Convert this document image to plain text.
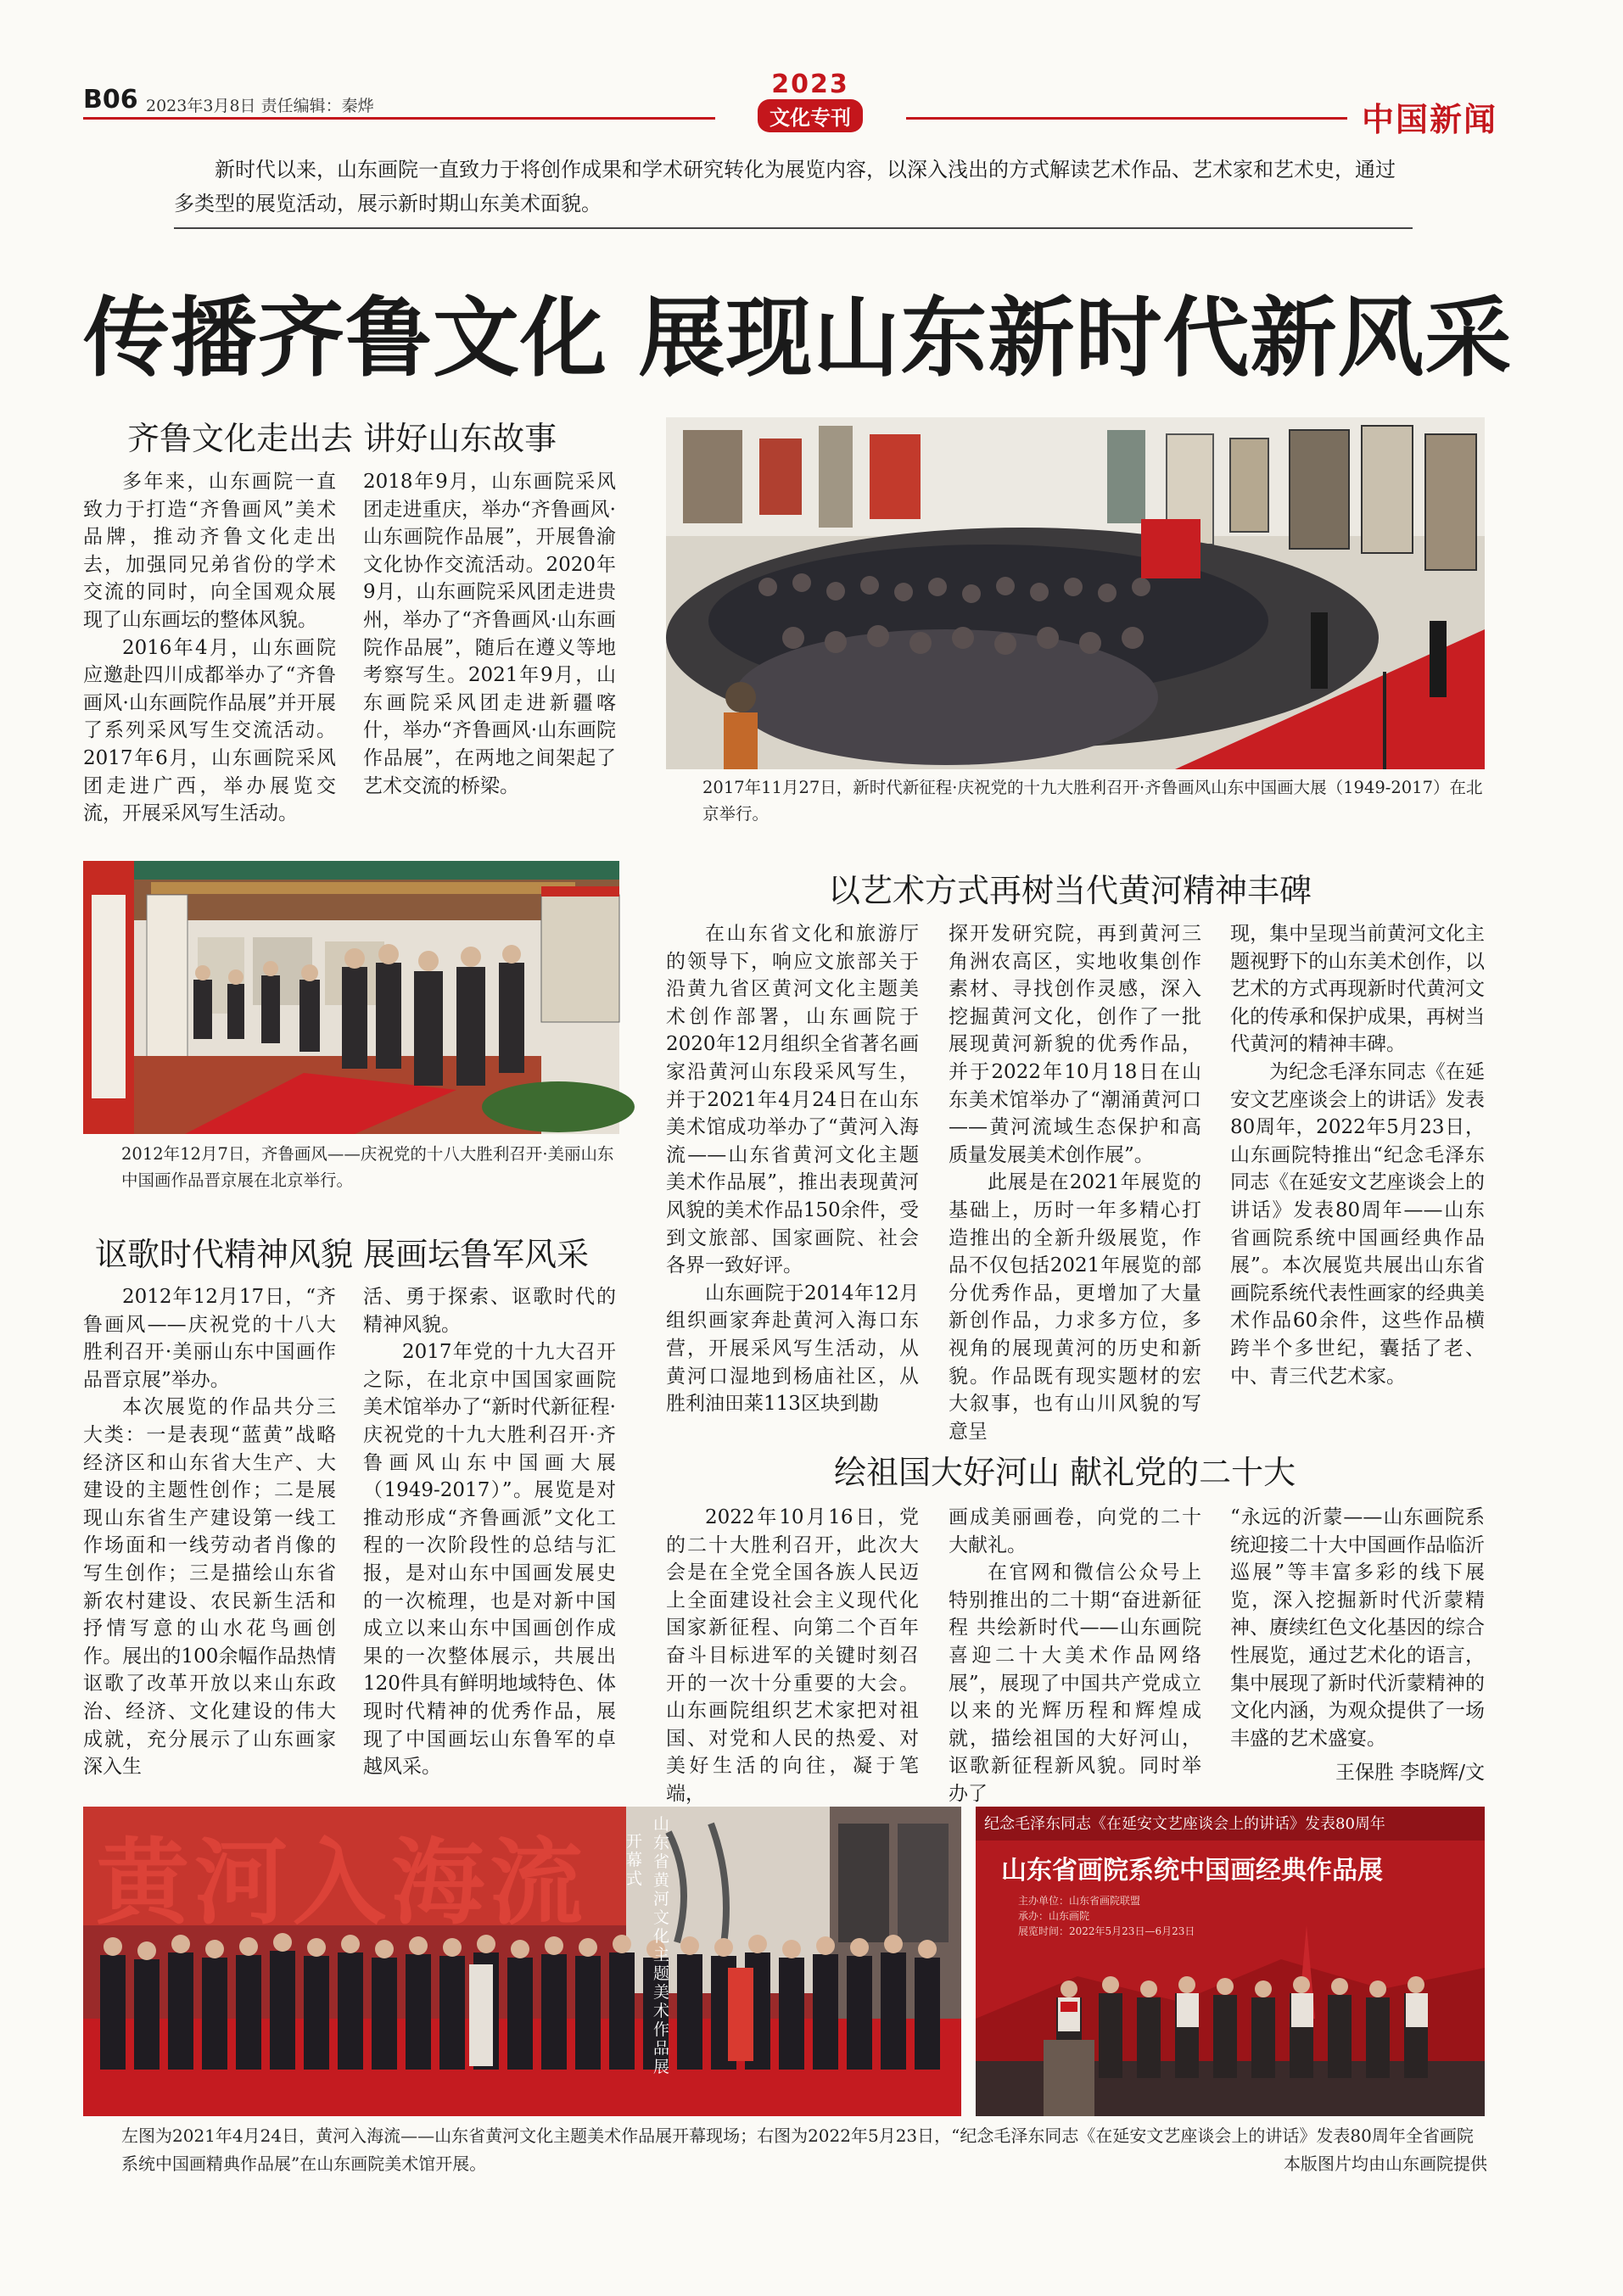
B06 2023年3月8日 责任编辑：秦烨
2023
文化专刊	中国新闻
新时代以来，山东画院一直致力于将创作成果和学术研究转化为展览内容，以深入浅出的方式解读艺术作品、艺术家和艺术史，通过多类型的展览活动，展示新时期山东美术面貌。
传播齐鲁文化 展现山东新时代新风采
齐鲁文化走出去 讲好山东故事

多年来，山东画院一直致力于打造“齐鲁画风”美术品牌，推动齐鲁文化走出去，加强同兄弟省份的学术交流的同时，向全国观众展现了山东画坛的整体风貌。

2016年4月，山东画院应邀赴四川成都举办了“齐鲁画风·山东画院作品展”并开展了系列采风写生交流活动。2017年6月，山东画院采风团走进广西，举办展览交流，开展采风写生活动。

2018年9月，山东画院采风团走进重庆，举办“齐鲁画风·山东画院作品展”，开展鲁渝文化协作交流活动。2020年9月，山东画院采风团走进贵州，举办了“齐鲁画风·山东画院作品展”，随后在遵义等地考察写生。2021年9月，山东画院采风团走进新疆喀什，举办“齐鲁画风·山东画院作品展”，在两地之间架起了艺术交流的桥梁。	2017年11月27日，新时代新征程·庆祝党的十九大胜利召开·齐鲁画风山东中国画大展（1949-2017）在北京举行。
2012年12月7日，齐鲁画风——庆祝党的十八大胜利召开·美丽山东中国画作品晋京展在北京举行。
讴歌时代精神风貌 展画坛鲁军风采

2012年12月17日，“齐鲁画风——庆祝党的十八大胜利召开·美丽山东中国画作品晋京展”举办。

本次展览的作品共分三大类：一是表现“蓝黄”战略经济区和山东省大生产、大建设的主题性创作；二是展现山东省生产建设第一线工作场面和一线劳动者肖像的写生创作；三是描绘山东省新农村建设、农民新生活和抒情写意的山水花鸟画创作。展出的100余幅作品热情讴歌了改革开放以来山东政治、经济、文化建设的伟大成就，充分展示了山东画家深入生

活、勇于探索、讴歌时代的精神风貌。

2017年党的十九大召开之际，在北京中国国家画院美术馆举办了“新时代新征程·庆祝党的十九大胜利召开·齐鲁画风山东中国画大展（1949-2017）”。展览是对推动形成“齐鲁画派”文化工程的一次阶段性的总结与汇报，是对山东中国画发展史的一次梳理，也是对新中国成立以来山东中国画创作成果的一次整体展示，共展出120件具有鲜明地域特色、体现时代精神的优秀作品，展现了中国画坛山东鲁军的卓越风采。

以艺术方式再树当代黄河精神丰碑

在山东省文化和旅游厅的领导下，响应文旅部关于沿黄九省区黄河文化主题美术创作部署，山东画院于2020年12月组织全省著名画家沿黄河山东段采风写生，并于2021年4月24日在山东美术馆成功举办了“黄河入海流——山东省黄河文化主题美术作品展”，推出表现黄河风貌的美术作品150余件，受到文旅部、国家画院、社会各界一致好评。

山东画院于2014年12月组织画家奔赴黄河入海口东营，开展采风写生活动，从黄河口湿地到杨庙社区，从胜利油田莱113区块到勘

探开发研究院，再到黄河三角洲农高区，实地收集创作素材、寻找创作灵感，深入挖掘黄河文化，创作了一批展现黄河新貌的优秀作品，并于2022年10月18日在山东美术馆举办了“潮涌黄河口——黄河流域生态保护和高质量发展美术创作展”。

此展是在2021年展览的基础上，历时一年多精心打造推出的全新升级展览，作品不仅包括2021年展览的部分优秀作品，更增加了大量新创作品，力求多方位，多视角的展现黄河的历史和新貌。作品既有现实题材的宏大叙事，也有山川风貌的写意呈

现，集中呈现当前黄河文化主题视野下的山东美术创作，以艺术的方式再现新时代黄河文化的传承和保护成果，再树当代黄河的精神丰碑。

为纪念毛泽东同志《在延安文艺座谈会上的讲话》发表80周年，2022年5月23日，山东画院特推出“纪念毛泽东同志《在延安文艺座谈会上的讲话》发表80周年——山东省画院系统中国画经典作品展”。本次展览共展出山东省画院系统代表性画家的经典美术作品60余件，这些作品横跨半个多世纪，囊括了老、中、青三代艺术家。

绘祖国大好河山 献礼党的二十大

2022年10月16日，党的二十大胜利召开，此次大会是在全党全国各族人民迈上全面建设社会主义现代化国家新征程、向第二个百年奋斗目标进军的关键时刻召开的一次十分重要的大会。山东画院组织艺术家把对祖国、对党和人民的热爱、对美好生活的向往，凝于笔端，

画成美丽画卷，向党的二十大献礼。

在官网和微信公众号上特别推出的二十期“奋进新征程 共绘新时代——山东画院喜迎二十大美术作品网络展”，展现了中国共产党成立以来的光辉历程和辉煌成就，描绘祖国的大好河山，讴歌新征程新风貌。同时举办了

“永远的沂蒙——山东画院系统迎接二十大中国画作品临沂巡展”等丰富多彩的线下展览，深入挖掘新时代沂蒙精神、赓续红色文化基因的综合性展览，通过艺术化的语言，集中展现了新时代沂蒙精神的文化内涵，为观众提供了一场丰盛的艺术盛宴。

王保胜 李晓辉/文
黄河入海流
山东省黄河文化主题美术作品展
开幕式
纪念毛泽东同志《在延安文艺座谈会上的讲话》发表80周年
山东省画院系统中国画经典作品展
主办单位：山东省画院联盟
承办：山东画院
展览时间：2022年5月23日—6月23日
左图为2021年4月24日，黄河入海流——山东省黄河文化主题美术作品展开幕现场；右图为2022年5月23日，“纪念毛泽东同志《在延安文艺座谈会上的讲话》发表80周年全省画院系统中国画精典作品展”在山东画院美术馆开展。	本版图片均由山东画院提供
